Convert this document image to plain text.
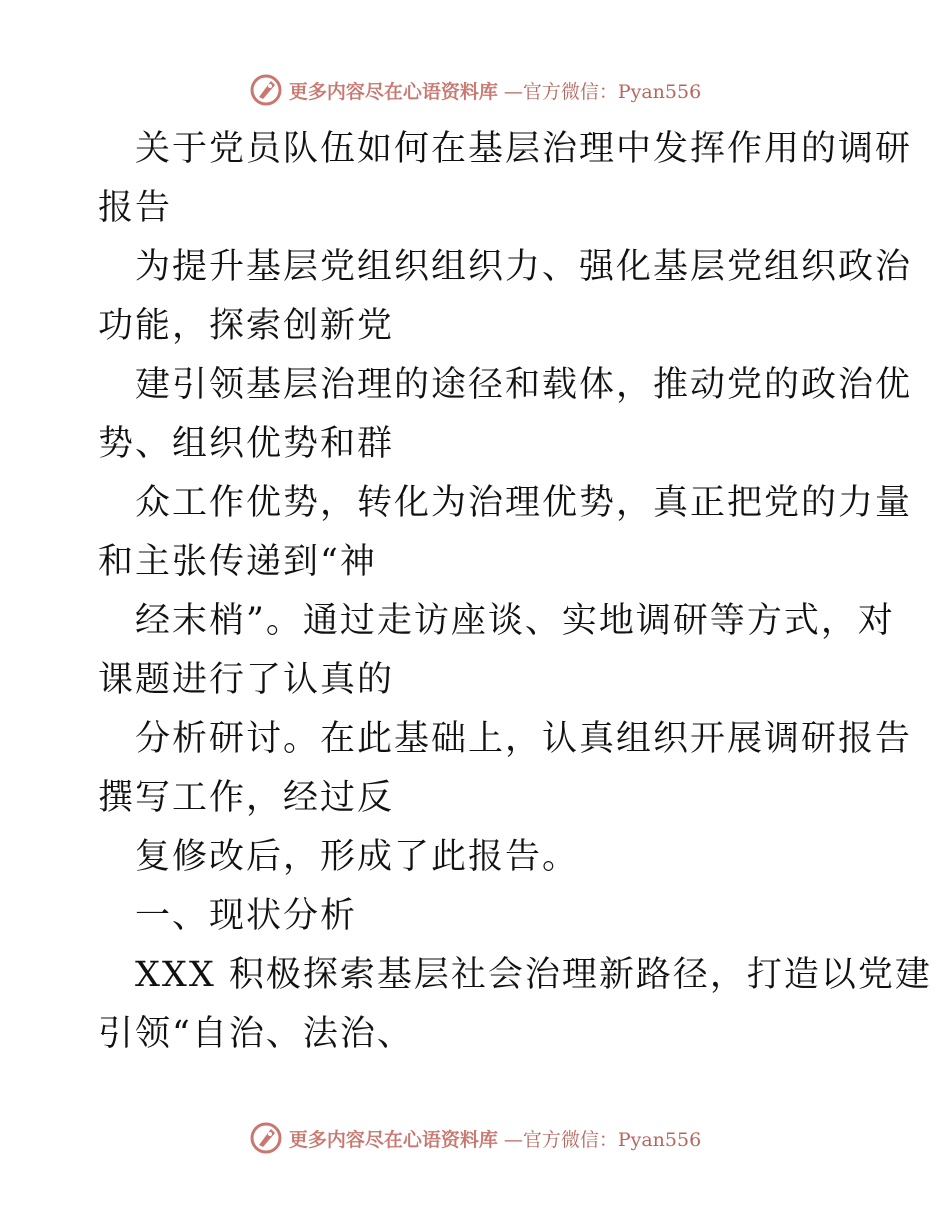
更多内容尽在心语资料库 —官方微信：Pyan556

关于党员队伍如何在基层治理中发挥作用的调研

报告

为提升基层党组织组织力、强化基层党组织政治

功能，探索创新党

建引领基层治理的途径和载体，推动党的政治优

势、组织优势和群

众工作优势，转化为治理优势，真正把党的力量

和主张传递到“神

经末梢”。通过走访座谈、实地调研等方式，对

课题进行了认真的

分析研讨。在此基础上，认真组织开展调研报告

撰写工作，经过反

复修改后，形成了此报告。

一、现状分析

XXX 积极探索基层社会治理新路径，打造以党建

引领“自治、法治、

更多内容尽在心语资料库 —官方微信：Pyan556
